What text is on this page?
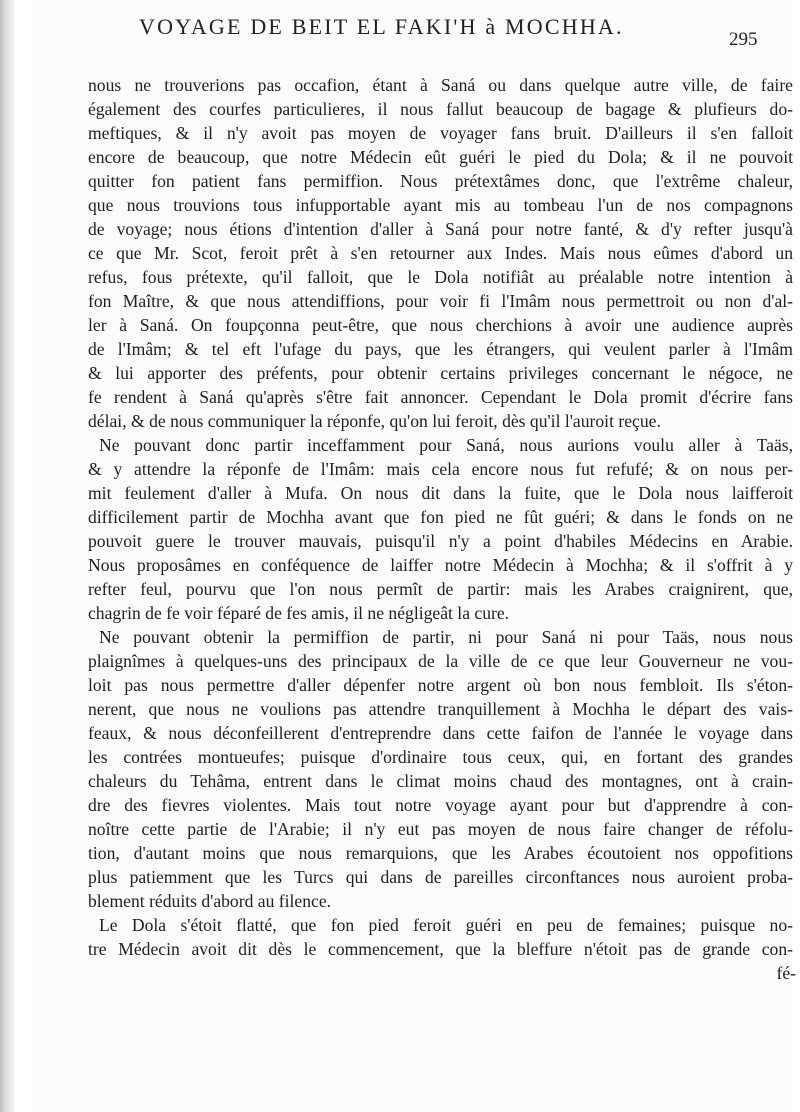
VOYAGE DE BEIT EL FAKI'H à MOCHHA.
295
nous ne trouverions pas occafion, étant à Saná ou dans quelque autre ville, de faire
également des courfes particulieres, il nous fallut beaucoup de bagage & plufieurs do-
meftiques, & il n'y avoit pas moyen de voyager fans bruit. D'ailleurs il s'en falloit
encore de beaucoup, que notre Médecin eût guéri le pied du Dola; & il ne pouvoit
quitter fon patient fans permiffion. Nous prétextâmes donc, que l'extrême chaleur,
que nous trouvions tous infupportable ayant mis au tombeau l'un de nos compagnons
de voyage; nous étions d'intention d'aller à Saná pour notre fanté, & d'y refter jusqu'à
ce que Mr. Scot, feroit prêt à s'en retourner aux Indes. Mais nous eûmes d'abord un
refus, fous prétexte, qu'il falloit, que le Dola notifiât au préalable notre intention à
fon Maître, & que nous attendiffions, pour voir fi l'Imâm nous permettroit ou non d'al-
ler à Saná. On foupçonna peut-être, que nous cherchions à avoir une audience auprès
de l'Imâm; & tel eft l'ufage du pays, que les étrangers, qui veulent parler à l'Imâm
& lui apporter des préfents, pour obtenir certains privileges concernant le négoce, ne
fe rendent à Saná qu'après s'être fait annoncer. Cependant le Dola promit d'écrire fans
délai, & de nous communiquer la réponfe, qu'on lui feroit, dès qu'il l'auroit reçue.
Ne pouvant donc partir inceffamment pour Saná, nous aurions voulu aller à Taäs,
& y attendre la réponfe de l'Imâm: mais cela encore nous fut refufé; & on nous per-
mit feulement d'aller à Mufa. On nous dit dans la fuite, que le Dola nous laifferoit
difficilement partir de Mochha avant que fon pied ne fût guéri; & dans le fonds on ne
pouvoit guere le trouver mauvais, puisqu'il n'y a point d'habiles Médecins en Arabie.
Nous proposâmes en conféquence de laiffer notre Médecin à Mochha; & il s'offrit à y
refter feul, pourvu que l'on nous permît de partir: mais les Arabes craignirent, que,
chagrin de fe voir féparé de fes amis, il ne négligeât la cure.
Ne pouvant obtenir la permiffion de partir, ni pour Saná ni pour Taäs, nous nous
plaignîmes à quelques-uns des principaux de la ville de ce que leur Gouverneur ne vou-
loit pas nous permettre d'aller dépenfer notre argent où bon nous fembloit. Ils s'éton-
nerent, que nous ne voulions pas attendre tranquillement à Mochha le départ des vais-
feaux, & nous déconfeillerent d'entreprendre dans cette faifon de l'année le voyage dans
les contrées montueufes; puisque d'ordinaire tous ceux, qui, en fortant des grandes
chaleurs du Tehâma, entrent dans le climat moins chaud des montagnes, ont à crain-
dre des fievres violentes. Mais tout notre voyage ayant pour but d'apprendre à con-
noître cette partie de l'Arabie; il n'y eut pas moyen de nous faire changer de réfolu-
tion, d'autant moins que nous remarquions, que les Arabes écoutoient nos oppofitions
plus patiemment que les Turcs qui dans de pareilles circonftances nous auroient proba-
blement réduits d'abord au filence.
Le Dola s'étoit flatté, que fon pied feroit guéri en peu de femaines; puisque no-
tre Médecin avoit dit dès le commencement, que la bleffure n'étoit pas de grande con-
fé-
